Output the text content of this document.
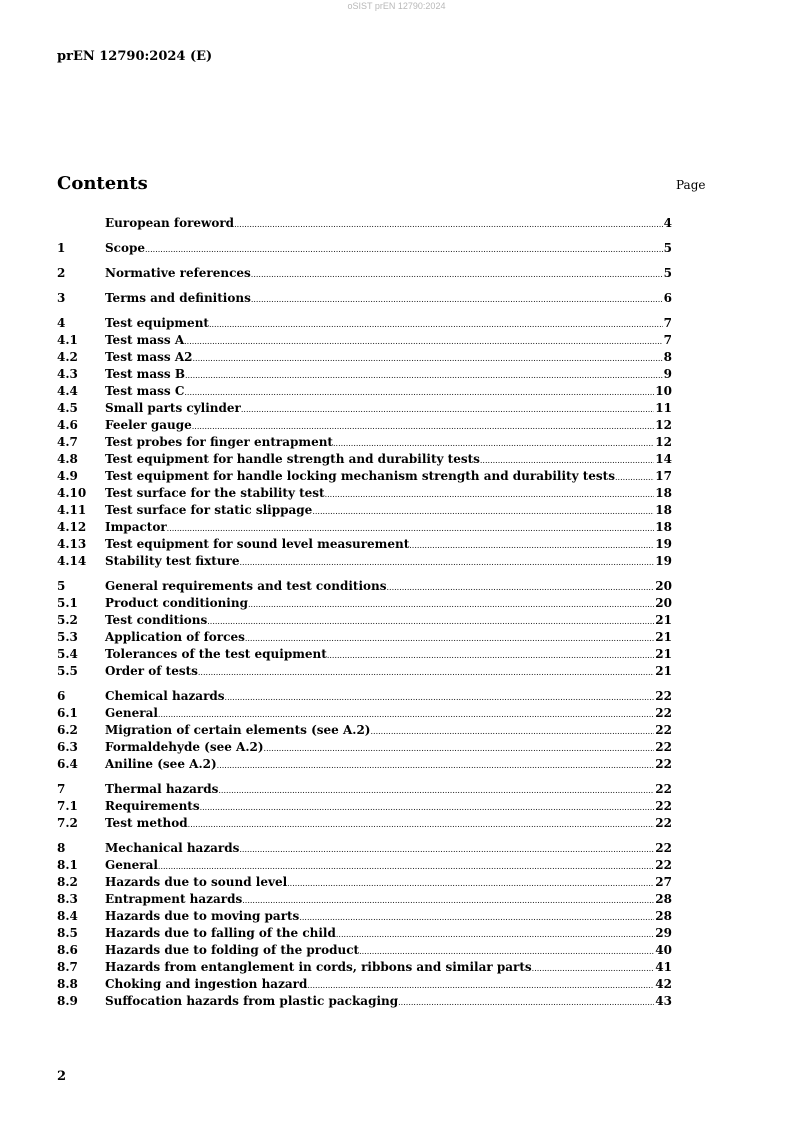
oSIST prEN 12790:2024
prEN 12790:2024 (E)
Contents	Page
European foreword .....	4
1	Scope .....	5
2	Normative references .....	5
3	Terms and definitions .....	6
4	Test equipment .....	7
4.1	Test mass A .....	7
4.2	Test mass A2 .....	8
4.3	Test mass B .....	9
4.4	Test mass C .....	10
4.5	Small parts cylinder .....	11
4.6	Feeler gauge .....	12
4.7	Test probes for finger entrapment .....	12
4.8	Test equipment for handle strength and durability tests .....	14
4.9	Test equipment for handle locking mechanism strength and durability tests .....	17
4.10	Test surface for the stability test .....	18
4.11	Test surface for static slippage .....	18
4.12	Impactor .....	18
4.13	Test equipment for sound level measurement .....	19
4.14	Stability test fixture .....	19
5	General requirements and test conditions .....	20
5.1	Product conditioning .....	20
5.2	Test conditions .....	21
5.3	Application of forces .....	21
5.4	Tolerances of the test equipment .....	21
5.5	Order of tests .....	21
6	Chemical hazards .....	22
6.1	General .....	22
6.2	Migration of certain elements (see A.2) .....	22
6.3	Formaldehyde (see A.2) .....	22
6.4	Aniline (see A.2) .....	22
7	Thermal hazards .....	22
7.1	Requirements .....	22
7.2	Test method .....	22
8	Mechanical hazards .....	22
8.1	General .....	22
8.2	Hazards due to sound level .....	27
8.3	Entrapment hazards .....	28
8.4	Hazards due to moving parts .....	28
8.5	Hazards due to falling of the child .....	29
8.6	Hazards due to folding of the product .....	40
8.7	Hazards from entanglement in cords, ribbons and similar parts .....	41
8.8	Choking and ingestion hazard .....	42
8.9	Suffocation hazards from plastic packaging .....	43
2
